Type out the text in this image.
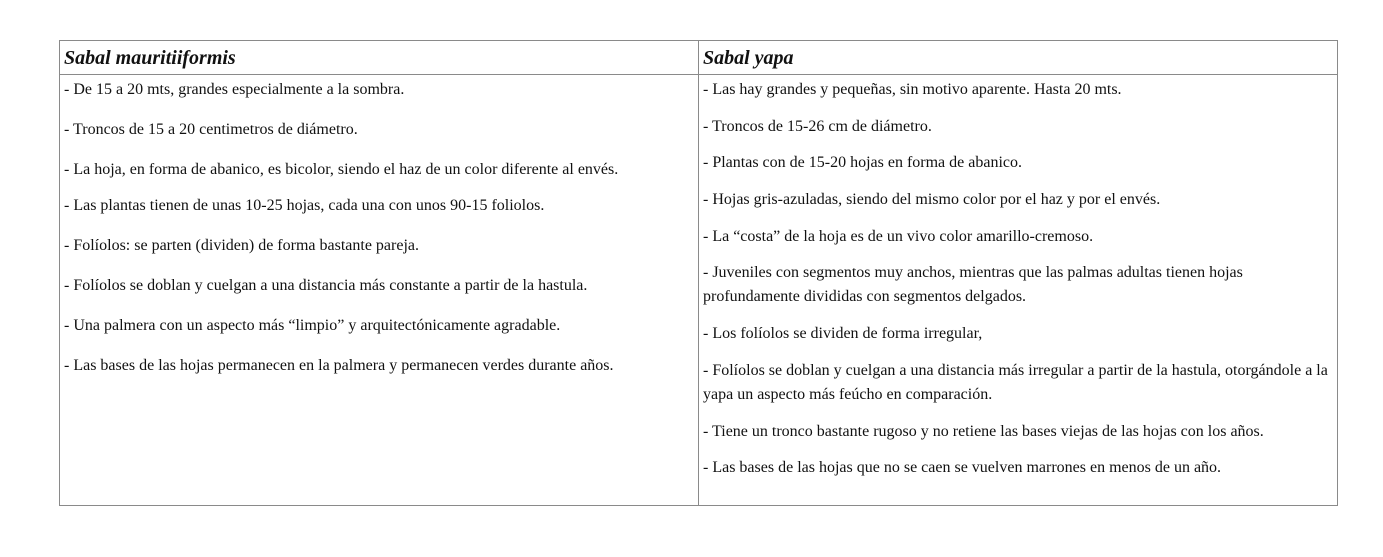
Sabal mauritiiformis	Sabal yapa

- De 15 a 20 mts, grandes especialmente a la sombra.

- Troncos de 15 a 20 centimetros de diámetro.

- La hoja, en forma de abanico, es bicolor, siendo el haz de un color diferente al envés.

- Las plantas tienen de unas 10-25 hojas, cada una con unos 90-15 foliolos.

- Folíolos: se parten (dividen) de forma bastante pareja.

- Folíolos se doblan y cuelgan a una distancia más constante a partir de la hastula.

- Una palmera con un aspecto más “limpio” y arquitectónicamente agradable.

- Las bases de las hojas permanecen en la palmera y permanecen verdes durante años.

- Las hay grandes y pequeñas, sin motivo aparente. Hasta 20 mts.

- Troncos de 15-26 cm de diámetro.

- Plantas con de 15-20 hojas en forma de abanico.

- Hojas gris-azuladas, siendo del mismo color por el haz y por el envés.

- La “costa” de la hoja es de un vivo color amarillo-cremoso.

- Juveniles con segmentos muy anchos, mientras que las palmas adultas tienen hojas profundamente divididas con segmentos delgados.

- Los folíolos se dividen de forma irregular,

- Folíolos se doblan y cuelgan a una distancia más irregular a partir de la hastula, otorgándole a la yapa un aspecto más feúcho en comparación.

- Tiene un tronco bastante rugoso y no retiene las bases viejas de las hojas con los años.

- Las bases de las hojas que no se caen se vuelven marrones en menos de un año.
